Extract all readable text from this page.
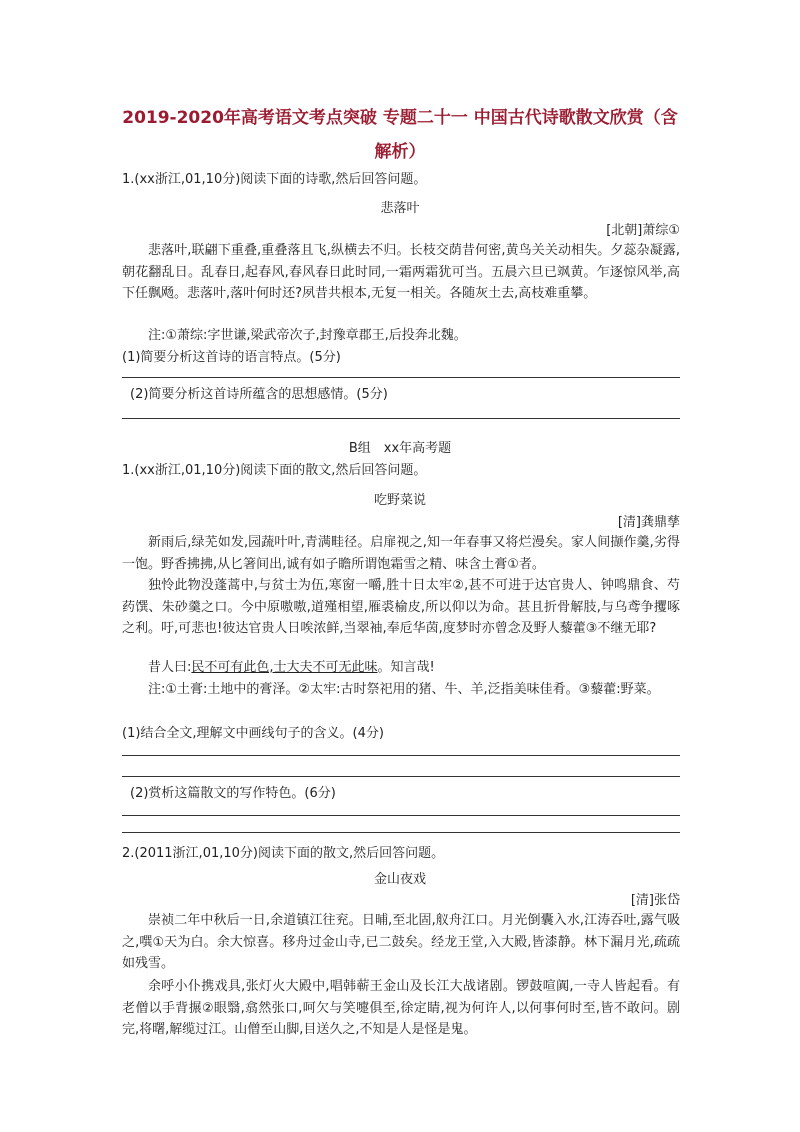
2019-2020年高考语文考点突破 专题二十一 中国古代诗歌散文欣赏（含
解析）
1.(xx浙江,01,10分)阅读下面的诗歌,然后回答问题。
悲落叶
[北朝]萧综①
悲落叶,联翩下重叠,重叠落且飞,纵横去不归。长枝交荫昔何密,黄鸟关关动相失。夕蕊杂凝露,朝花翻乱日。乱春日,起春风,春风春日此时同,一霜两霜犹可当。五晨六旦已飒黄。乍逐惊风举,高下任飘飏。悲落叶,落叶何时还?夙昔共根本,无复一相关。各随灰土去,高枝难重攀。
注:①萧综:字世谦,梁武帝次子,封豫章郡王,后投奔北魏。
(1)简要分析这首诗的语言特点。(5分)
(2)简要分析这首诗所蕴含的思想感情。(5分)
B组　xx年高考题
1.(xx浙江,01,10分)阅读下面的散文,然后回答问题。
吃野菜说
[清]龚鼎孳
新雨后,绿芜如发,园蔬叶叶,青满畦径。启扉视之,知一年春事又将烂漫矣。家人间撷作羹,劣得一饱。野香拂拂,从匕箸间出,诚有如子瞻所谓饱霜雪之精、味含土膏①者。
独怜此物没蓬蒿中,与贫士为伍,寒窗一嚼,胜十日太牢②,甚不可进于达官贵人、钟鸣鼎食、芍药馔、朱砂羹之口。今中原嗷嗷,道殣相望,雁裘榆皮,所以仰以为命。甚且折骨解肢,与乌鸢争攫啄之利。吁,可悲也!彼达官贵人日唉浓鲜,当翠袖,奉卮华茵,度梦时亦曾念及野人藜藿③不继无耶?
昔人曰:民不可有此色,士大夫不可无此味。知言哉!
注:①土膏:土地中的膏泽。②太牢:古时祭祀用的猪、牛、羊,泛指美味佳肴。③藜藿:野菜。
(1)结合全文,理解文中画线句子的含义。(4分)
(2)赏析这篇散文的写作特色。(6分)
2.(2011浙江,01,10分)阅读下面的散文,然后回答问题。
金山夜戏
[清]张岱
崇祯二年中秋后一日,余道镇江往兖。日晡,至北固,舣舟江口。月光倒囊入水,江涛吞吐,露气吸之,噀①天为白。余大惊喜。移舟过金山寺,已二鼓矣。经龙王堂,入大殿,皆漆静。林下漏月光,疏疏如残雪。
余呼小仆携戏具,张灯火大殿中,唱韩蕲王金山及长江大战诸剧。锣鼓喧阗,一寺人皆起看。有老僧以手背搌②眼翳,翕然张口,呵欠与笑嚏俱至,徐定睛,视为何许人,以何事何时至,皆不敢问。剧完,将曙,解缆过江。山僧至山脚,目送久之,不知是人是怪是鬼。
